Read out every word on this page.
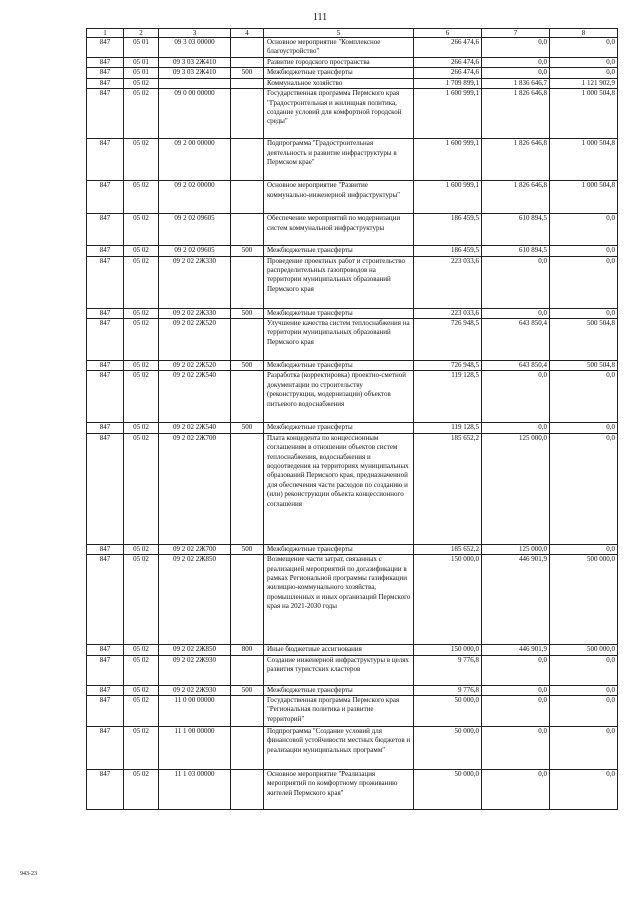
111
1	2	3	4	5	6	7	8
847	05 01	09 3 03 00000		Основное мероприятие "Комплексное благоустройство"	266 474,6	0,0	0,0
847	05 01	09 3 03 2Ж410		Развитие городского пространства	266 474,6	0,0	0,0
847	05 01	09 3 03 2Ж410	500	Межбюджетные трансферты	266 474,6	0,0	0,0
847	05 02			Коммунальное хозяйство	1 709 899,1	1 836 646,7	1 121 902,9
847	05 02	09 0 00 00000		Государственная программа Пермского края "Градостроительная и жилищная политика, создание условий для комфортной городской среды"	1 600 999,1	1 826 646,8	1 000 504,8
847	05 02	09 2 00 00000		Подпрограмма "Градостроительная деятельность и развитие инфраструктуры в Пермском крае"	1 600 999,1	1 826 646,8	1 000 504,8
847	05 02	09 2 02 00000		Основное мероприятие "Развитие коммунально-инженерной инфраструктуры"	1 600 999,1	1 826 646,8	1 000 504,8
847	05 02	09 2 02 09605		Обеспечение мероприятий по модернизации систем коммунальной инфраструктуры	186 459,5	610 894,5	0,0
847	05 02	09 2 02 09605	500	Межбюджетные трансферты	186 459,5	610 894,5	0,0
847	05 02	09 2 02 2Ж330		Проведение проектных работ и строительство распределительных газопроводов на территории муниципальных образований Пермского края	223 033,6	0,0	0,0
847	05 02	09 2 02 2Ж330	500	Межбюджетные трансферты	223 033,6	0,0	0,0
847	05 02	09 2 02 2Ж520		Улучшение качества систем теплоснабжения на территории муниципальных образований Пермского края	726 948,5	643 850,4	500 504,8
847	05 02	09 2 02 2Ж520	500	Межбюджетные трансферты	726 948,5	643 850,4	500 504,8
847	05 02	09 2 02 2Ж540		Разработка (корректировка) проектно-сметной документации по строительству (реконструкции, модернизации) объектов питьевого водоснабжения	119 128,5	0,0	0,0
847	05 02	09 2 02 2Ж540	500	Межбюджетные трансферты	119 128,5	0,0	0,0
847	05 02	09 2 02 2Ж700		Плата концедента по концессионным соглашениям в отношении объектов систем теплоснабжения, водоснабжения и водоотведения на территориях муниципальных образований Пермского края, предназначенной для обеспечения части расходов по созданию и (или) реконструкции объекта концессионного соглашения	185 652,2	125 000,0	0,0
847	05 02	09 2 02 2Ж700	500	Межбюджетные трансферты	185 652,2	125 000,0	0,0
847	05 02	09 2 02 2Ж850		Возмещение части затрат, связанных с реализацией мероприятий по догазификации в рамках Региональной программы газификации жилищно-коммунального хозяйства, промышленных и иных организаций Пермского края на 2021-2030 годы	150 000,0	446 901,9	500 000,0
847	05 02	09 2 02 2Ж850	800	Иные бюджетные ассигнования	150 000,0	446 901,9	500 000,0
847	05 02	09 2 02 2Ж930		Создание инженерной инфраструктуры в целях развития туристских кластеров	9 776,8	0,0	0,0
847	05 02	09 2 02 2Ж930	500	Межбюджетные трансферты	9 776,8	0,0	0,0
847	05 02	11 0 00 00000		Государственная программа Пермского края "Региональная политика и развитие территорий"	50 000,0	0,0	0,0
847	05 02	11 1 00 00000		Подпрограмма "Создание условий для финансовой устойчивости местных бюджетов и реализации муниципальных программ"	50 000,0	0,0	0,0
847	05 02	11 1 03 00000		Основное мероприятие "Реализация мероприятий по комфортному проживанию жителей Пермского края"	50 000,0	0,0	0,0
943-23
